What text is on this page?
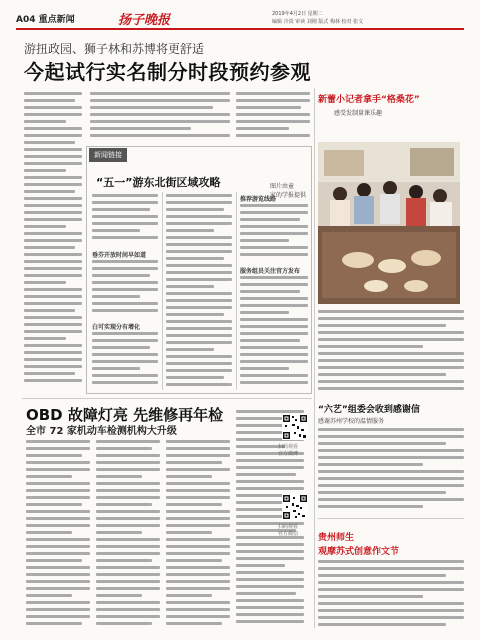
A04 重点新闻	扬子晚报	2019年4月2日 星期二
编辑 冷淡 审读 刘刚 版式 梅林 校对 张文
游扭政园、狮子林和苏博将更舒适
今起试行实名制分时段预约参观
新闻链接
“五一”游东北街区域攻略
垂芬开放时间早如道
白可实现分有增化
推荐游览线路
服务组员关注官方发布
新蕾小记者拿手“格桑花”
感受发制量课乐趣
图片由童
家的学报提供
OBD 故障灯亮 先维修再年检
全市 72 家机动车检测机构大升级
扫码观看
官方微博
扫码观看
官方微信
“六艺”组委会收到感谢信
感谢苏州学校的温情服务
贵州师生
观摩苏式创意作文节
